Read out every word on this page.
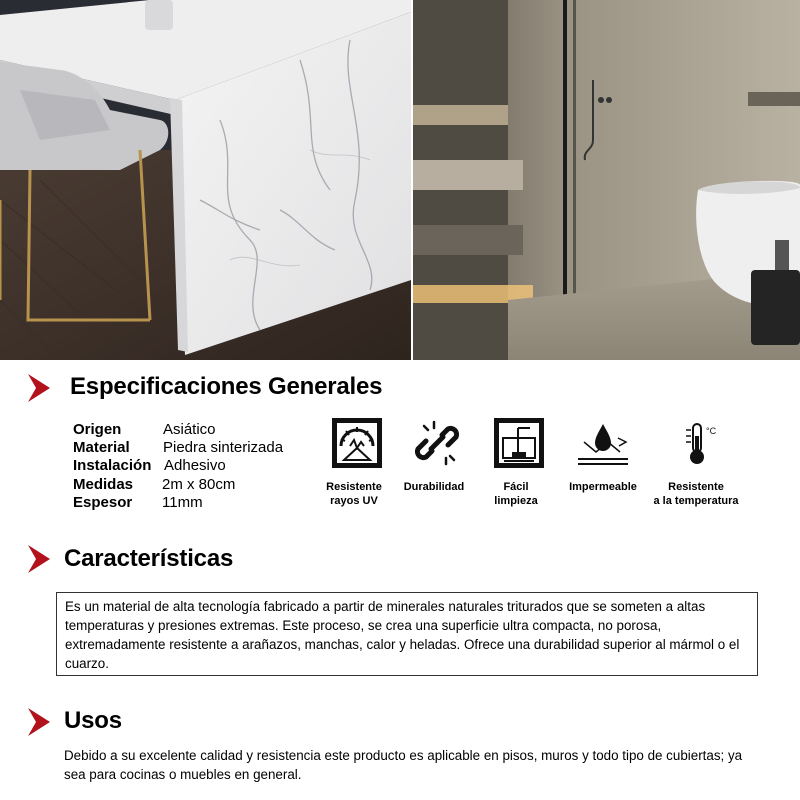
Especificaciones Generales
Origen	Asiático
Material Piedra sinterizada
Instalación Adhesivo
Medidas 2m x 80cm
Espesor 11mm
°C
Resistente
rayos UV
Durabilidad	Fácil
limpieza
Impermeable	Resistente
a la temperatura
Características
Es un material de alta tecnología fabricado a partir de minerales naturales triturados que se someten a altas temperaturas y presiones extremas. Este proceso, se crea una superficie ultra compacta, no porosa, extremadamente resistente a arañazos, manchas, calor y heladas. Ofrece una durabilidad superior al mármol o el cuarzo.
Usos
Debido a su excelente calidad y resistencia este producto es aplicable en pisos, muros y todo tipo de cubiertas; ya sea para cocinas o muebles en general.
